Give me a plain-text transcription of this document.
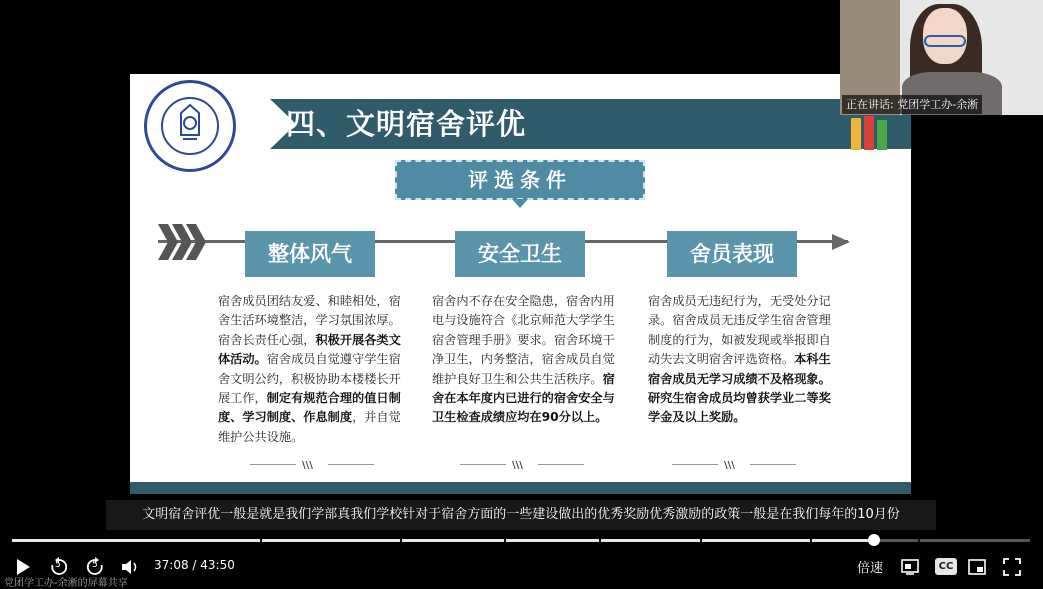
四、文明宿舍评优
评选条件
整体风气	安全卫生	舍员表现
宿舍成员团结友爱、和睦相处，宿舍生活环境整洁，学习氛围浓厚。宿舍长责任心强，积极开展各类文体活动。宿舍成员自觉遵守学生宿舍文明公约，积极协助本楼楼长开展工作，制定有规范合理的值日制度、学习制度、作息制度，并自觉维护公共设施。
宿舍内不存在安全隐患，宿舍内用电与设施符合《北京师范大学学生宿舍管理手册》要求。宿舍环境干净卫生，内务整洁，宿舍成员自觉维护良好卫生和公共生活秩序。宿舍在本年度内已进行的宿舍安全与卫生检查成绩应均在90分以上。
宿舍成员无违纪行为，无受处分记录。宿舍成员无违反学生宿舍管理制度的行为，如被发现或举报即自动失去文明宿舍评选资格。本科生宿舍成员无学习成绩不及格现象。研究生宿舍成员均曾获学业二等奖学金及以上奖励。
\\\	\\\	\\\
正在讲话: 党团学工办-余淅
文明宿舍评优一般是就是我们学部真我们学校针对于宿舍方面的一些建设做出的优秀奖励优秀激励的政策一般是在我们每年的10月份
5	5	37:08 / 43:50	倍速	CC
党团学工办-余淅的屏幕共享
